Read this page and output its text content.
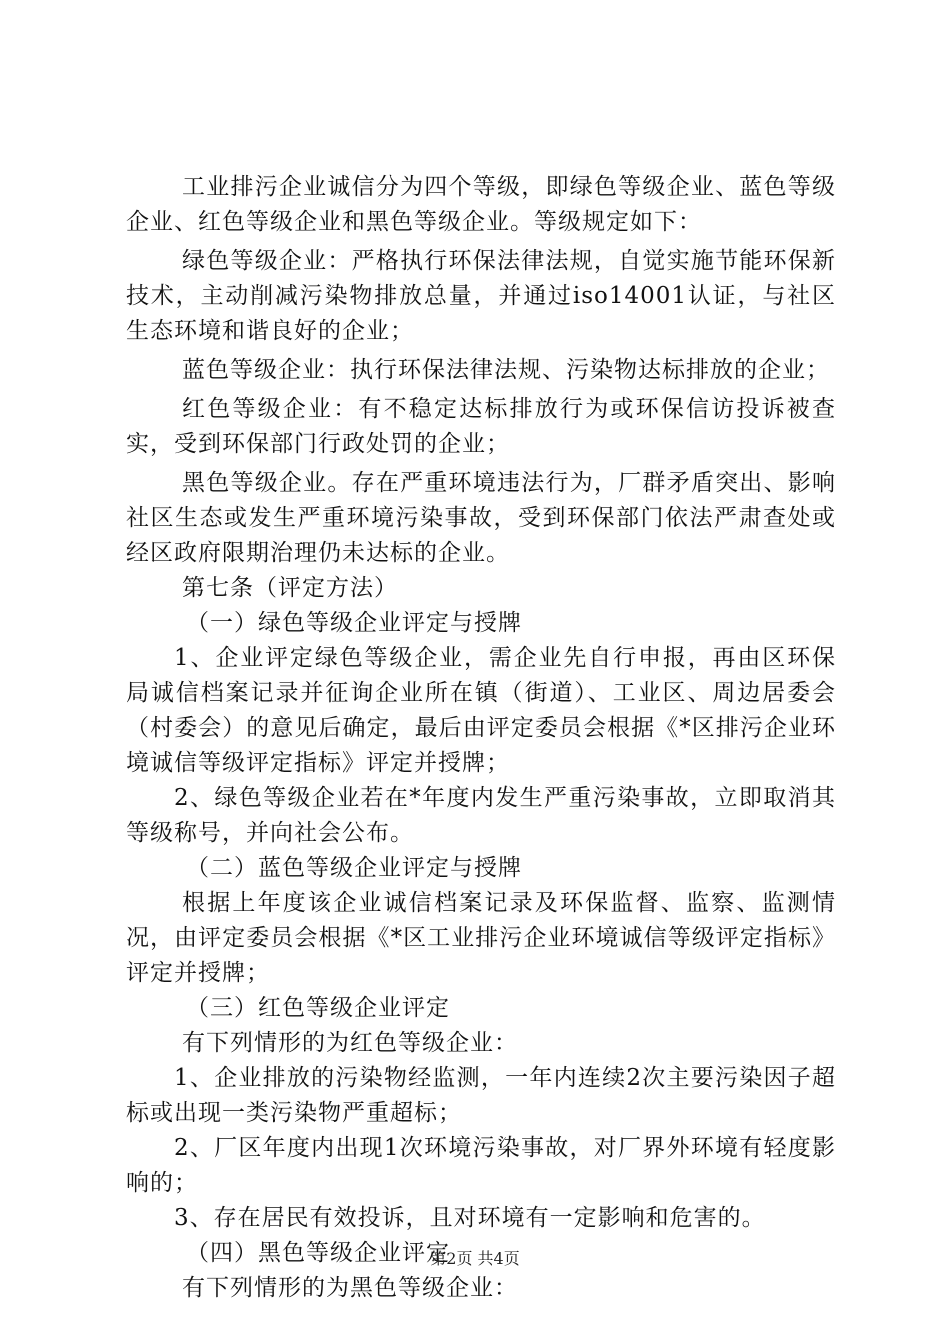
工业排污企业诚信分为四个等级，即绿色等级企业、蓝色等级企业、红色等级企业和黑色等级企业。等级规定如下：

绿色等级企业：严格执行环保法律法规，自觉实施节能环保新技术，主动削减污染物排放总量，并通过iso14001认证，与社区生态环境和谐良好的企业；

蓝色等级企业：执行环保法律法规、污染物达标排放的企业；

红色等级企业：有不稳定达标排放行为或环保信访投诉被查实，受到环保部门行政处罚的企业；

黑色等级企业。存在严重环境违法行为，厂群矛盾突出、影响社区生态或发生严重环境污染事故，受到环保部门依法严肃查处或经区政府限期治理仍未达标的企业。

第七条（评定方法）

（一）绿色等级企业评定与授牌

1、企业评定绿色等级企业，需企业先自行申报，再由区环保局诚信档案记录并征询企业所在镇（街道）、工业区、周边居委会（村委会）的意见后确定，最后由评定委员会根据《*区排污企业环境诚信等级评定指标》评定并授牌；

2、绿色等级企业若在*年度内发生严重污染事故，立即取消其等级称号，并向社会公布。

（二）蓝色等级企业评定与授牌

根据上年度该企业诚信档案记录及环保监督、监察、监测情况，由评定委员会根据《*区工业排污企业环境诚信等级评定指标》评定并授牌；

（三）红色等级企业评定

有下列情形的为红色等级企业：

1、企业排放的污染物经监测，一年内连续2次主要污染因子超标或出现一类污染物严重超标；

2、厂区年度内出现1次环境污染事故，对厂界外环境有轻度影响的；

3、存在居民有效投诉，且对环境有一定影响和危害的。

（四）黑色等级企业评定

有下列情形的为黑色等级企业：

第2页 共4页
